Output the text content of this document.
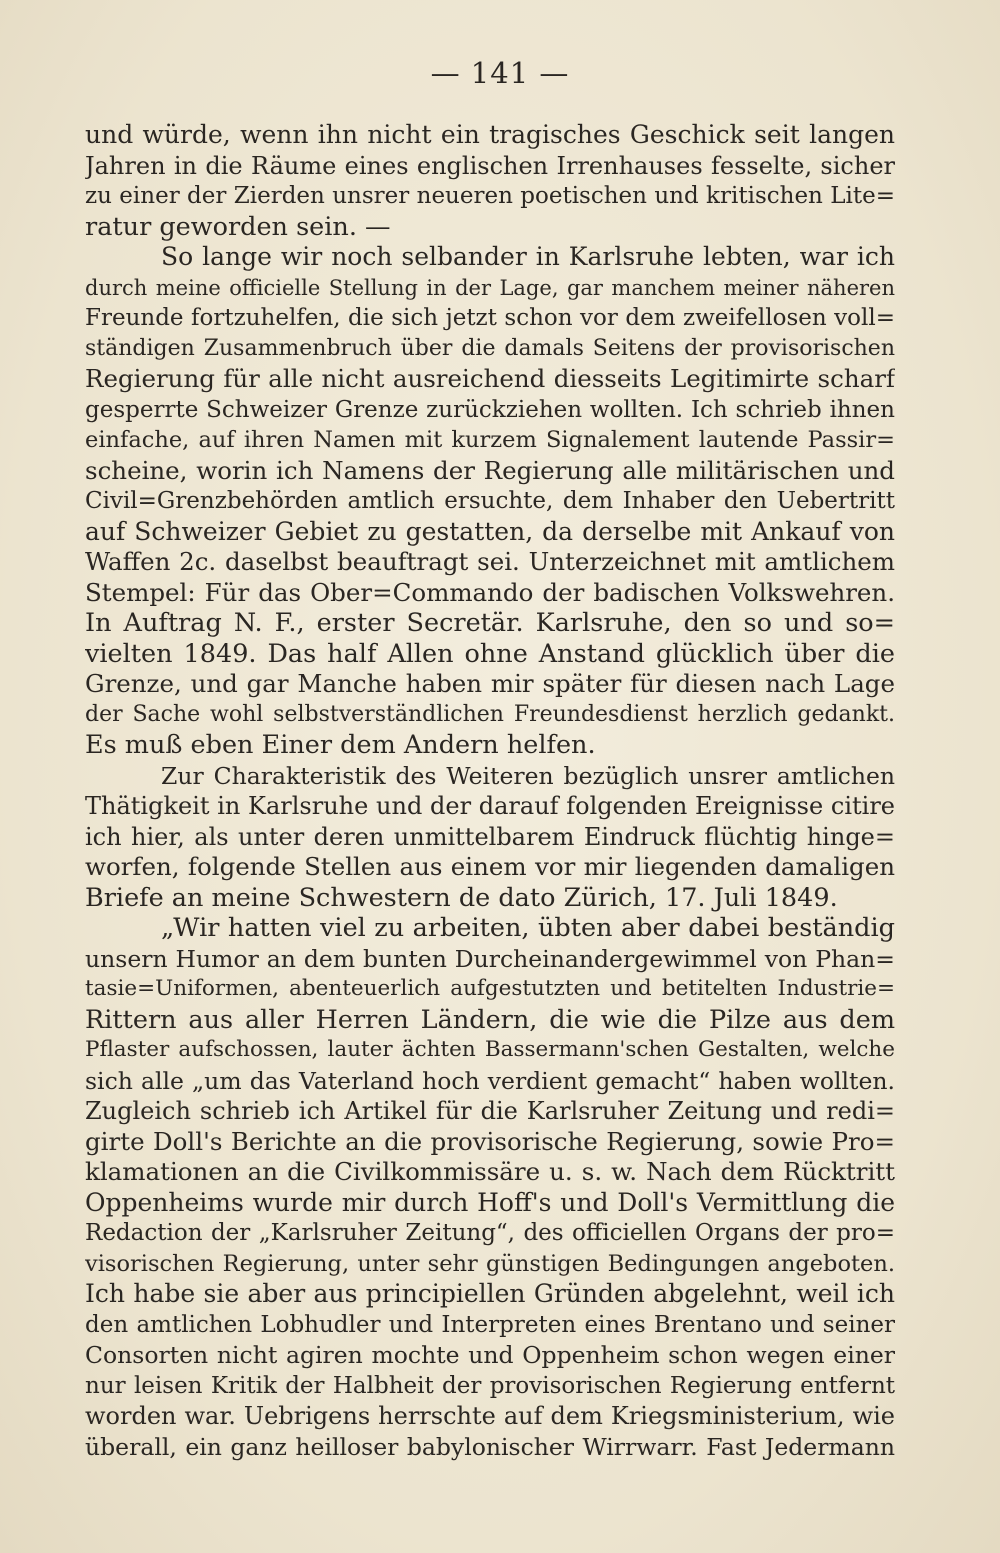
— 141 —
und würde, wenn ihn nicht ein tragisches Geschick seit langen
Jahren in die Räume eines englischen Irrenhauses fesselte, sicher
zu einer der Zierden unsrer neueren poetischen und kritischen Lite=
ratur geworden sein. —
So lange wir noch selbander in Karlsruhe lebten, war ich
durch meine officielle Stellung in der Lage, gar manchem meiner näheren
Freunde fortzuhelfen, die sich jetzt schon vor dem zweifellosen voll=
ständigen Zusammenbruch über die damals Seitens der provisorischen
Regierung für alle nicht ausreichend diesseits Legitimirte scharf
gesperrte Schweizer Grenze zurückziehen wollten. Ich schrieb ihnen
einfache, auf ihren Namen mit kurzem Signalement lautende Passir=
scheine, worin ich Namens der Regierung alle militärischen und
Civil=Grenzbehörden amtlich ersuchte, dem Inhaber den Uebertritt
auf Schweizer Gebiet zu gestatten, da derselbe mit Ankauf von
Waffen 2c. daselbst beauftragt sei. Unterzeichnet mit amtlichem
Stempel: Für das Ober=Commando der badischen Volkswehren.
In Auftrag N. F., erster Secretär. Karlsruhe, den so und so=
vielten 1849. Das half Allen ohne Anstand glücklich über die
Grenze, und gar Manche haben mir später für diesen nach Lage
der Sache wohl selbstverständlichen Freundesdienst herzlich gedankt.
Es muß eben Einer dem Andern helfen.
Zur Charakteristik des Weiteren bezüglich unsrer amtlichen
Thätigkeit in Karlsruhe und der darauf folgenden Ereignisse citire
ich hier, als unter deren unmittelbarem Eindruck flüchtig hinge=
worfen, folgende Stellen aus einem vor mir liegenden damaligen
Briefe an meine Schwestern de dato Zürich, 17. Juli 1849.
„Wir hatten viel zu arbeiten, übten aber dabei beständig
unsern Humor an dem bunten Durcheinandergewimmel von Phan=
tasie=Uniformen, abenteuerlich aufgestutzten und betitelten Industrie=
Rittern aus aller Herren Ländern, die wie die Pilze aus dem
Pflaster aufschossen, lauter ächten Bassermann'schen Gestalten, welche
sich alle „um das Vaterland hoch verdient gemacht“ haben wollten.
Zugleich schrieb ich Artikel für die Karlsruher Zeitung und redi=
girte Doll's Berichte an die provisorische Regierung, sowie Pro=
klamationen an die Civilkommissäre u. s. w. Nach dem Rücktritt
Oppenheims wurde mir durch Hoff's und Doll's Vermittlung die
Redaction der „Karlsruher Zeitung“, des officiellen Organs der pro=
visorischen Regierung, unter sehr günstigen Bedingungen angeboten.
Ich habe sie aber aus principiellen Gründen abgelehnt, weil ich
den amtlichen Lobhudler und Interpreten eines Brentano und seiner
Consorten nicht agiren mochte und Oppenheim schon wegen einer
nur leisen Kritik der Halbheit der provisorischen Regierung entfernt
worden war. Uebrigens herrschte auf dem Kriegsministerium, wie
überall, ein ganz heilloser babylonischer Wirrwarr. Fast Jedermann
